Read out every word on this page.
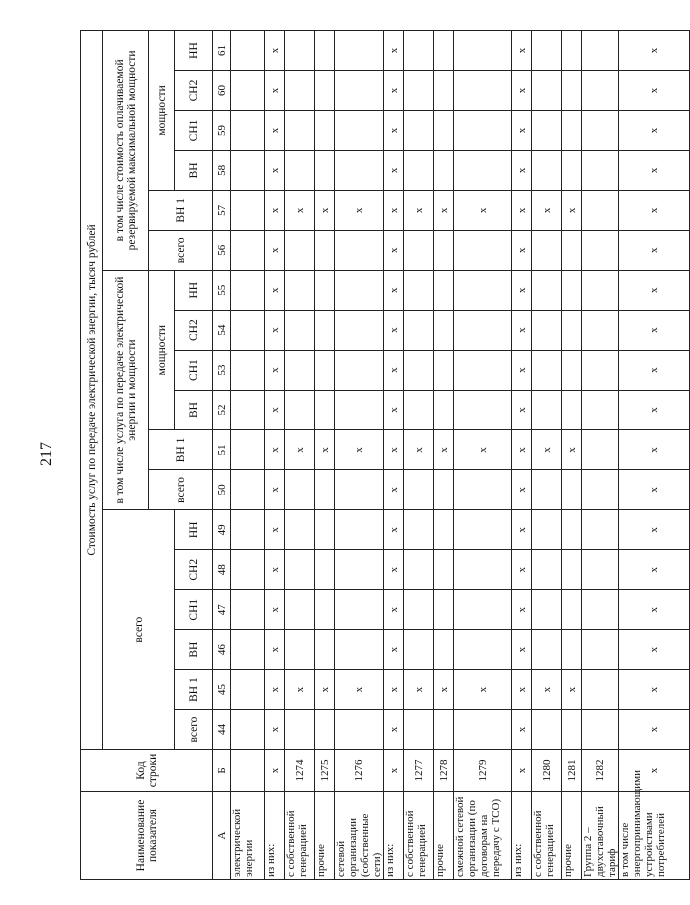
217
Наименование показателя	Код строки	Стоимость услуг по передаче электрической энергии, тысяч рублей																	
		всего						в том числе услуга по передаче электрической энергии и мощности						в том числе стоимость оплачиваемой резервируемой максимальной мощности					
								всего	ВН 1	мощности				всего	ВН 1	мощности			
		всего	ВН 1	ВН	СН1	СН2	НН			ВН	СН1	СН2	НН			ВН	СН1	СН2	НН
А	Б	44	45	46	47	48	49	50	51	52	53	54	55	56	57	58	59	60	61
электрической энергии																			
из них:	х	х	х	х	х	х	х	х	х	х	х	х	х	х	х	х	х	х	х
с собственной генерацией	1274		х						х						х				
прочие	1275		х						х						х				
сетевой организации (собственные сети)	1276		х						х						х				
из них:	х	х	х	х	х	х	х	х	х	х	х	х	х	х	х	х	х	х	х
с собственной генерацией	1277		х						х						х				
прочие	1278		х						х						х				
смежной сетевой организации (по договорам на передачу с ТСО)	1279		х						х						х				
из них:	х	х	х	х	х	х	х	х	х	х	х	х	х	х	х	х	х	х	х
с собственной генерацией	1280		х						х						х				
прочие	1281		х						х						х				
Группа 2 – двухставочный тариф	1282																		
в том числе энергопринимающими устройствами потребителей	х	х	х	х	х	х	х	х	х	х	х	х	х	х	х	х	х	х	х
